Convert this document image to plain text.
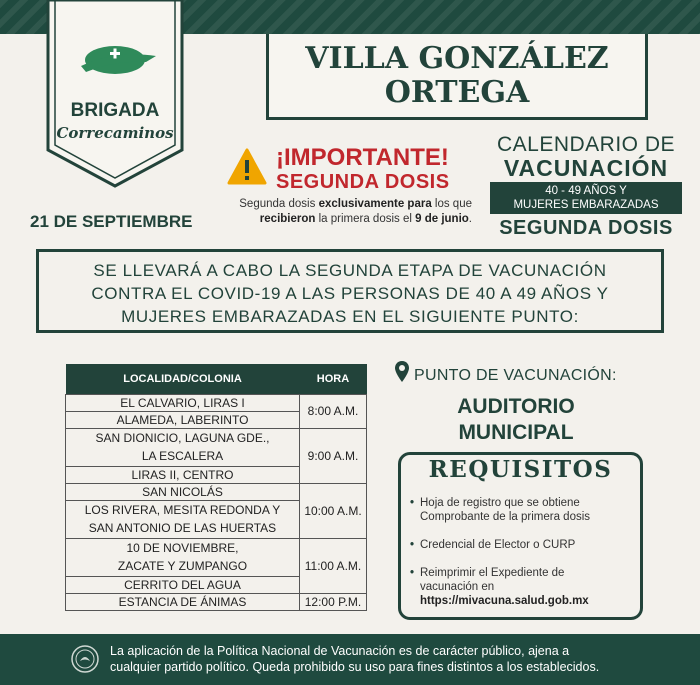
BRIGADA
Correcaminos
VILLA GONZÁLEZ
ORTEGA
21 DE SEPTIEMBRE
¡IMPORTANTE!
SEGUNDA DOSIS
Segunda dosis exclusivamente para los que
recibieron la primera dosis el 9 de junio.
CALENDARIO DE
VACUNACIÓN
40 - 49 AÑOS Y
MUJERES EMBARAZADAS
SEGUNDA DOSIS
SE LLEVARÁ A CABO LA SEGUNDA ETAPA DE VACUNACIÓN
CONTRA EL COVID-19 A LAS PERSONAS DE 40 A 49 AÑOS Y
MUJERES EMBARAZADAS EN EL SIGUIENTE PUNTO:
LOCALIDAD/COLONIA	HORA
EL CALVARIO, LIRAS I	8:00 A.M.
ALAMEDA, LABERINTO	
SAN DIONICIO, LAGUNA GDE.,	9:00 A.M.
LA ESCALERA	
LIRAS II, CENTRO	
SAN NICOLÁS	10:00 A.M.
LOS RIVERA, MESITA REDONDA Y	
SAN ANTONIO DE LAS HUERTAS	
10 DE NOVIEMBRE,	11:00 A.M.
ZACATE Y ZUMPANGO	
CERRITO DEL AGUA	
ESTANCIA DE ÁNIMAS	12:00 P.M.
PUNTO DE VACUNACIÓN:
AUDITORIO
MUNICIPAL
REQUISITOS
• Hoja de registro que se obtiene
Comprobante de la primera dosis
• Credencial de Elector o CURP
• Reimprimir el Expediente de
vacunación en
https://mivacuna.salud.gob.mx
La aplicación de la Política Nacional de Vacunación es de carácter público, ajena a
cualquier partido político. Queda prohibido su uso para fines distintos a los establecidos.
